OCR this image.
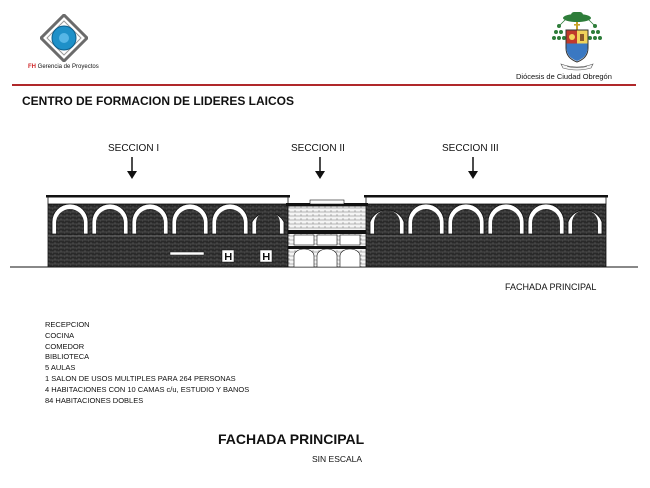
FH Gerencia de Proyectos
Diócesis de Ciudad Obregón
CENTRO DE FORMACION DE LIDERES LAICOS
SECCION I	SECCION II	SECCION III
FACHADA PRINCIPAL
RECEPCION
COCINA
COMEDOR
BIBLIOTECA
5 AULAS
1 SALON DE USOS MULTIPLES PARA 264 PERSONAS
4 HABITACIONES CON 10 CAMAS c/u, ESTUDIO Y BANOS
84 HABITACIONES DOBLES
FACHADA PRINCIPAL
SIN ESCALA
